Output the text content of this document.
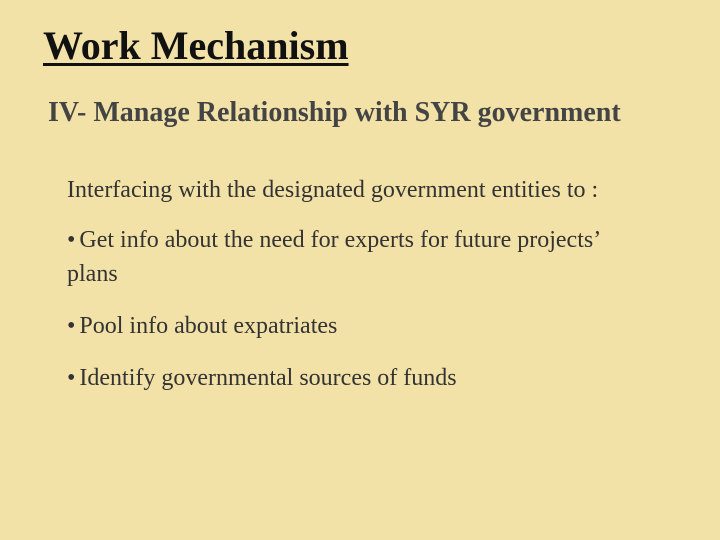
Work Mechanism
IV- Manage Relationship with SYR government

Interfacing with the designated government entities to :

• Get info about the need for experts for future projects’ plans

• Pool info about expatriates

• Identify governmental sources of funds
